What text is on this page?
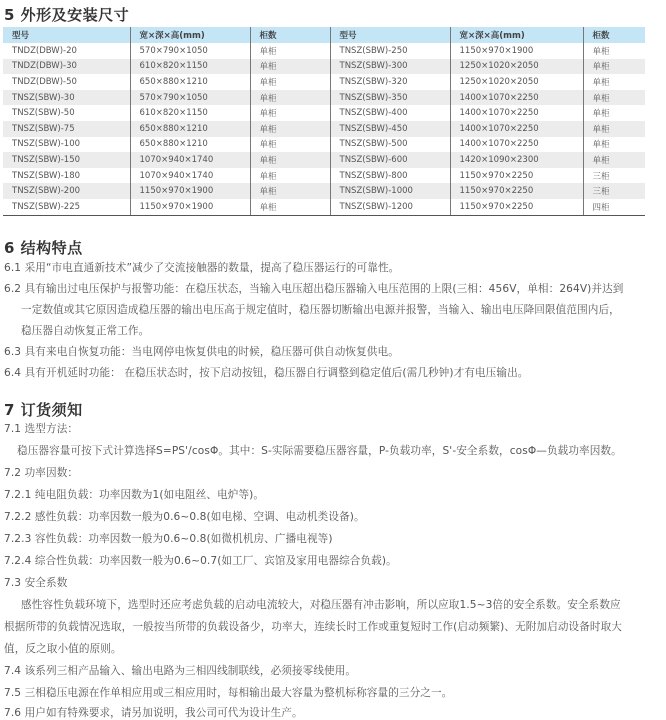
5 外形及安装尺寸
型号	宽×深×高(mm)	柜数	型号	宽×深×高(mm)	柜数
TNDZ(DBW)-20	570×790×1050	单柜	TNSZ(SBW)-250	1150×970×1900	单柜
TNDZ(DBW)-30	610×820×1150	单柜	TNSZ(SBW)-300	1250×1020×2050	单柜
TNDZ(DBW)-50	650×880×1210	单柜	TNSZ(SBW)-320	1250×1020×2050	单柜
TNSZ(SBW)-30	570×790×1050	单柜	TNSZ(SBW)-350	1400×1070×2250	单柜
TNSZ(SBW)-50	610×820×1150	单柜	TNSZ(SBW)-400	1400×1070×2250	单柜
TNSZ(SBW)-75	650×880×1210	单柜	TNSZ(SBW)-450	1400×1070×2250	单柜
TNSZ(SBW)-100	650×880×1210	单柜	TNSZ(SBW)-500	1400×1070×2250	单柜
TNSZ(SBW)-150	1070×940×1740	单柜	TNSZ(SBW)-600	1420×1090×2300	单柜
TNSZ(SBW)-180	1070×940×1740	单柜	TNSZ(SBW)-800	1150×970×2250	三柜
TNSZ(SBW)-200	1150×970×1900	单柜	TNSZ(SBW)-1000	1150×970×2250	三柜
TNSZ(SBW)-225	1150×970×1900	单柜	TNSZ(SBW)-1200	1150×970×2250	四柜
6 结构特点
6.1 采用“市电直通新技术”减少了交流接触器的数量，提高了稳压器运行的可靠性。
6.2 具有输出过电压保护与报警功能：在稳压状态，当输入电压超出稳压器输入电压范围的上限(三相：456V，单相：264V)并达到
一定数值或其它原因造成稳压器的输出电压高于规定值时，稳压器切断输出电源并报警，当输入、输出电压降回限值范围内后，
稳压器自动恢复正常工作。
6.3 具有来电自恢复功能：当电网停电恢复供电的时候，稳压器可供自动恢复供电。
6.4 具有开机延时功能： 在稳压状态时，按下启动按钮，稳压器自行调整到稳定值后(需几秒钟)才有电压输出。
7 订货须知
7.1 选型方法：
稳压器容量可按下式计算选择S=PS'/cosΦ。其中：S-实际需要稳压器容量，P-负载功率，S'-安全系数，cosΦ—负载功率因数。
7.2 功率因数：
7.2.1 纯电阻负载：功率因数为1(如电阻丝、电炉等)。
7.2.2 感性负载：功率因数一般为0.6~0.8(如电梯、空调、电动机类设备)。
7.2.3 容性负载：功率因数一般为0.6~0.8(如微机机房、广播电视等)
7.2.4 综合性负载：功率因数一般为0.6~0.7(如工厂、宾馆及家用电器综合负载)。
7.3 安全系数
感性容性负载环境下，选型时还应考虑负载的启动电流较大，对稳压器有冲击影响，所以应取1.5~3倍的安全系数。安全系数应
根据所带的负载情况选取，一般按当所带的负载设备少，功率大，连续长时工作或重复短时工作(启动频繁)、无附加启动设备时取大
值，反之取小值的原则。
7.4 该系列三相产品输入、输出电路为三相四线制联线，必须接零线使用。
7.5 三相稳压电源在作单相应用或三相应用时，每相输出最大容量为整机标称容量的三分之一。
7.6 用户如有特殊要求，请另加说明，我公司可代为设计生产。
